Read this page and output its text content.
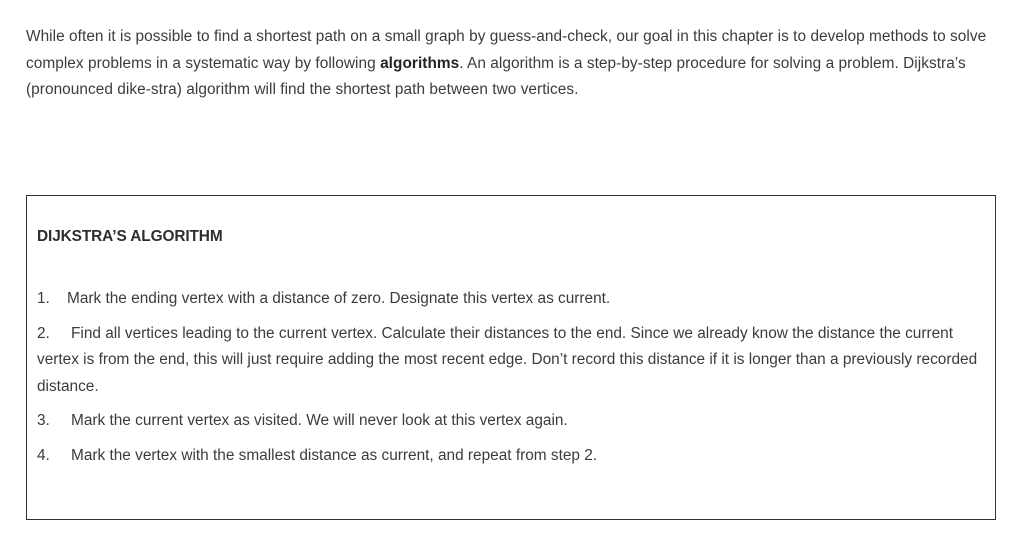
While often it is possible to find a shortest path on a small graph by guess-and-check, our goal in this chapter is to develop methods to solve complex problems in a systematic way by following algorithms. An algorithm is a step-by-step procedure for solving a problem. Dijkstra’s (pronounced dike-stra) algorithm will find the shortest path between two vertices.

DIJKSTRA’S ALGORITHM
1. Mark the ending vertex with a distance of zero. Designate this vertex as current.
2. Find all vertices leading to the current vertex. Calculate their distances to the end. Since we already know the distance the current vertex is from the end, this will just require adding the most recent edge. Don’t record this distance if it is longer than a previously recorded distance.
3. Mark the current vertex as visited. We will never look at this vertex again.
4. Mark the vertex with the smallest distance as current, and repeat from step 2.
